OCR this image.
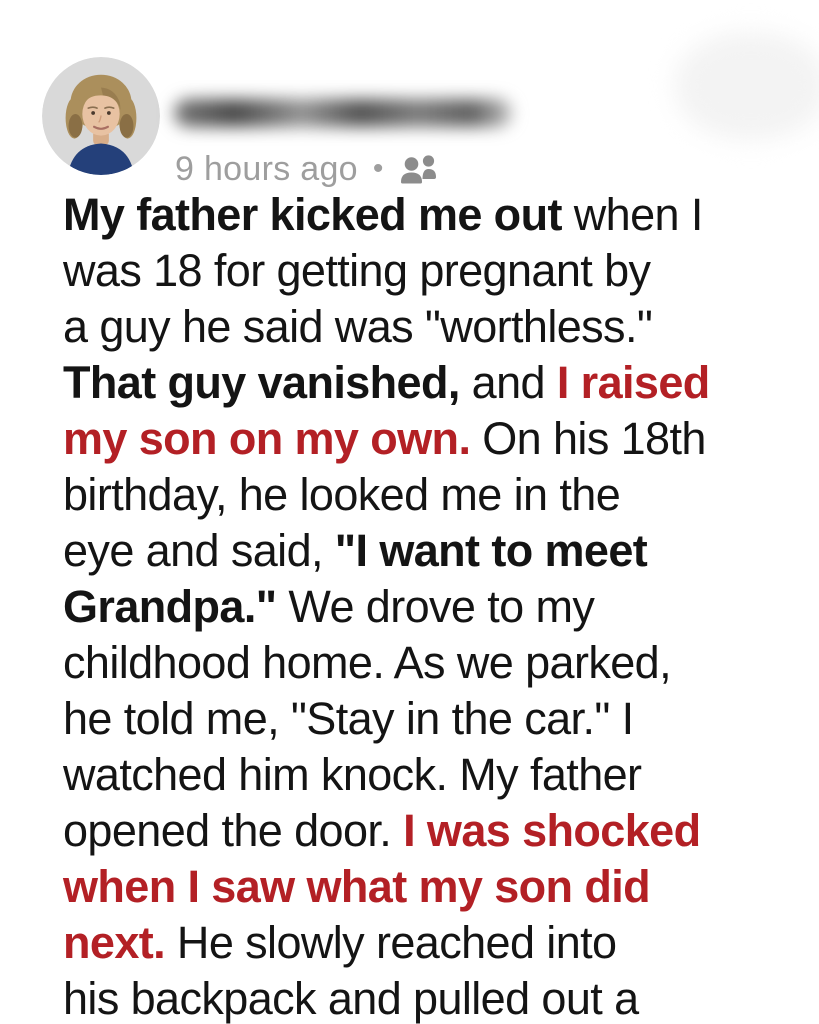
9 hours ago •
My father kicked me out when I
was 18 for getting pregnant by
a guy he said was "worthless."
That guy vanished, and I raised
my son on my own. On his 18th
birthday, he looked me in the
eye and said, "I want to meet
Grandpa." We drove to my
childhood home. As we parked,
he told me, "Stay in the car." I
watched him knock. My father
opened the door. I was shocked
when I saw what my son did
next. He slowly reached into
his backpack and pulled out a
